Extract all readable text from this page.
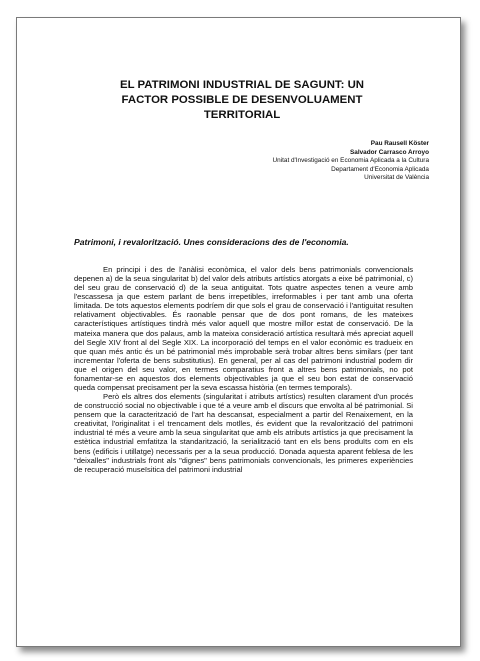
EL PATRIMONI INDUSTRIAL DE SAGUNT: UN
FACTOR POSSIBLE DE DESENVOLUAMENT
TERRITORIAL
Pau Rausell Köster
Salvador Carrasco Arroyo
Unitat d'Investigació en Economia Aplicada a la Cultura
Departament d'Economia Aplicada
Universitat de València
Patrimoni, i revalorització. Unes consideracions des de l'economia.

En principi i des de l'anàlisi econòmica, el valor dels bens patrimonials convencionals depenen a) de la seua singularitat b) del valor dels atributs artístics atorgats a eixe bé patrimonial, c) del seu grau de conservació d) de la seua antiguitat. Tots quatre aspectes tenen a veure amb l'escassesa ja que estem parlant de bens irrepetibles, irreformables i per tant amb una oferta limitada. De tots aquestos elements podríem dir que sols el grau de conservació i l'antiguitat resulten relativament objectivables. És raonable pensar que de dos pont romans, de les mateixes característiques artístiques tindrà més valor aquell que mostre millor estat de conservació. De la mateixa manera que dos palaus, amb la mateixa consideració artística resultarà més apreciat aquell del Segle XIV front al del Segle XIX. La incorporació del temps en el valor econòmic es tradueix en que quan més antic és un bé patrimonial més improbable serà trobar altres bens similars (per tant incrementar l'oferta de bens substitutius). En general, per al cas del patrimoni industrial podem dir que el origen del seu valor, en termes comparatius front a altres bens patrimonials, no pot fonamentar-se en aquestos dos elements objectivables ja que el seu bon estat de conservació queda compensat precisament per la seva escassa història (en termes temporals).

Però els altres dos elements (singularitat i atributs artístics) resulten clarament d'un procés de construcció social no objectivable i que té a veure amb el discurs que envolta al bé patrimonial. Si pensem que la caracterització de l'art ha descansat, especialment a partir del Renaixement, en la creativitat, l'originalitat i el trencament dels motlles, és evident que la revalorització del patrimoni industrial té més a veure amb la seua singularitat que amb els atributs artístics ja que precisament la estètica industrial emfatitza la standarització, la serialització tant en els bens produïts com en els bens (edificis i utillatge) necessaris per a la seua producció. Donada aquesta aparent feblesa de les "deixalles" industrials front als "dignes" bens patrimonials convencionals, les primeres experiències de recuperació museïsitica del patrimoni industrial
